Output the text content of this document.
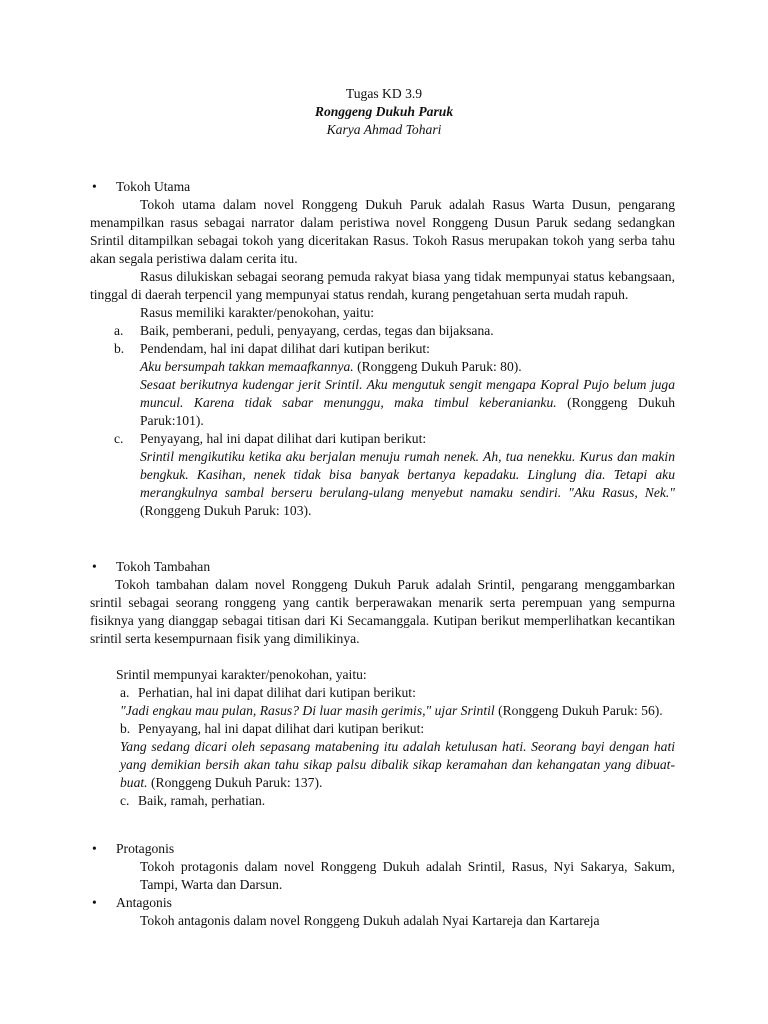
Tugas KD 3.9
Ronggeng Dukuh Paruk
Karya Ahmad Tohari
• Tokoh Utama
Tokoh utama dalam novel Ronggeng Dukuh Paruk adalah Rasus Warta Dusun, pengarang menampilkan rasus sebagai narrator dalam peristiwa novel Ronggeng Dusun Paruk sedang sedangkan Srintil ditampilkan sebagai tokoh yang diceritakan Rasus. Tokoh Rasus merupakan tokoh yang serba tahu akan segala peristiwa dalam cerita itu.
Rasus dilukiskan sebagai seorang pemuda rakyat biasa yang tidak mempunyai status kebangsaan, tinggal di daerah terpencil yang mempunyai status rendah, kurang pengetahuan serta mudah rapuh.
Rasus memiliki karakter/penokohan, yaitu:
a. Baik, pemberani, peduli, penyayang, cerdas, tegas dan bijaksana.
b. Pendendam, hal ini dapat dilihat dari kutipan berikut:
Aku bersumpah takkan memaafkannya. (Ronggeng Dukuh Paruk: 80).
Sesaat berikutnya kudengar jerit Srintil. Aku mengutuk sengit mengapa Kopral Pujo belum juga muncul. Karena tidak sabar menunggu, maka timbul keberanianku. (Ronggeng Dukuh Paruk:101).
c. Penyayang, hal ini dapat dilihat dari kutipan berikut:
Srintil mengikutiku ketika aku berjalan menuju rumah nenek. Ah, tua nenekku. Kurus dan makin bengkuk. Kasihan, nenek tidak bisa banyak bertanya kepadaku. Linglung dia. Tetapi aku merangkulnya sambal berseru berulang-ulang menyebut namaku sendiri. "Aku Rasus, Nek." (Ronggeng Dukuh Paruk: 103).
• Tokoh Tambahan
Tokoh tambahan dalam novel Ronggeng Dukuh Paruk adalah Srintil, pengarang menggambarkan srintil sebagai seorang ronggeng yang cantik berperawakan menarik serta perempuan yang sempurna fisiknya yang dianggap sebagai titisan dari Ki Secamanggala. Kutipan berikut memperlihatkan kecantikan srintil serta kesempurnaan fisik yang dimilikinya.
Srintil mempunyai karakter/penokohan, yaitu:
a. Perhatian, hal ini dapat dilihat dari kutipan berikut:
"Jadi engkau mau pulan, Rasus? Di luar masih gerimis," ujar Srintil (Ronggeng Dukuh Paruk: 56).
b. Penyayang, hal ini dapat dilihat dari kutipan berikut:
Yang sedang dicari oleh sepasang matabening itu adalah ketulusan hati. Seorang bayi dengan hati yang demikian bersih akan tahu sikap palsu dibalik sikap keramahan dan kehangatan yang dibuat-buat. (Ronggeng Dukuh Paruk: 137).
c. Baik, ramah, perhatian.
• Protagonis
Tokoh protagonis dalam novel Ronggeng Dukuh adalah Srintil, Rasus, Nyi Sakarya, Sakum, Tampi, Warta dan Darsun.
• Antagonis
Tokoh antagonis dalam novel Ronggeng Dukuh adalah Nyai Kartareja dan Kartareja
